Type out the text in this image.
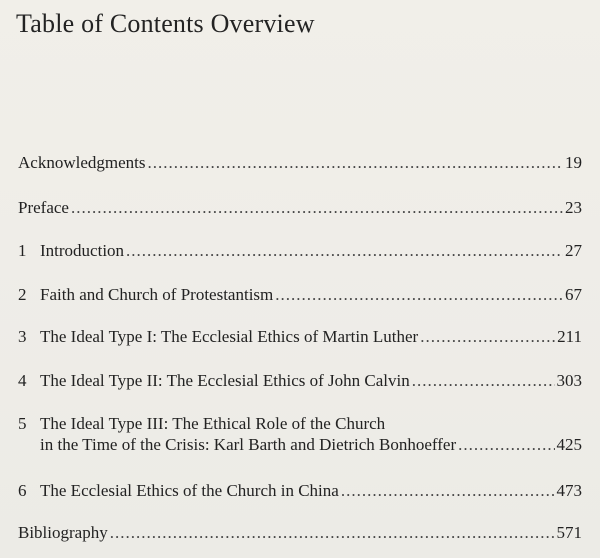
Table of Contents Overview
Acknowledgments .....	19
Preface .....	23
1 Introduction .....	27
2 Faith and Church of Protestantism .....	67
3 The Ideal Type I: The Ecclesial Ethics of Martin Luther .....	211
4 The Ideal Type II: The Ecclesial Ethics of John Calvin .....	303
5 The Ideal Type III: The Ethical Role of the Church
in the Time of the Crisis: Karl Barth and Dietrich Bonhoeffer .....	425
6 The Ecclesial Ethics of the Church in China .....	473
Bibliography .....	571
